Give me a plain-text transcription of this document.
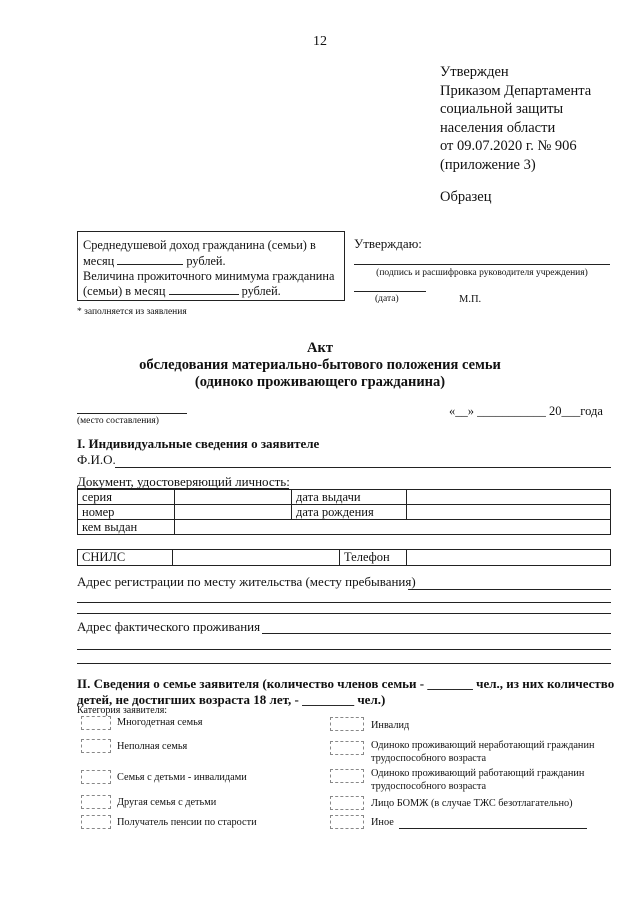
12
Утвержден
Приказом Департамента
социальной защиты
населения области
от 09.07.2020 г. № 906
(приложение 3)
Образец
Среднедушевой доход гражданина (семьи) в
месяц	рублей.
Величина прожиточного минимума гражданина
(семьи) в месяц	рублей.
* заполняется из заявления
Утверждаю:
(подпись и расшифровка руководителя учреждения)
(дата)	М.П.
Акт
обследования материально-бытового положения семьи
(одиноко проживающего гражданина)
(место составления)
«__» ___________ 20___года
I. Индивидуальные сведения о заявителе
Ф.И.О.
Документ, удостоверяющий личность:
серия		дата выдачи	
номер		дата рождения	
кем выдан			
СНИЛС		Телефон	
Адрес регистрации по месту жительства (месту пребывания)
Адрес фактического проживания
II. Сведения о семье заявителя (количество членов семьи - _______ чел., из них количество
детей, не достигших возраста 18 лет, - ________ чел.)
Категория заявителя:
Многодетная семья
Неполная семья
Семья с детьми - инвалидами
Другая семья с детьми
Получатель пенсии по старости
Инвалид
Одиноко проживающий неработающий гражданин трудоспособного возраста
Одиноко проживающий работающий гражданин трудоспособного возраста
Лицо БОМЖ (в случае ТЖС безотлагательно)
Иное
